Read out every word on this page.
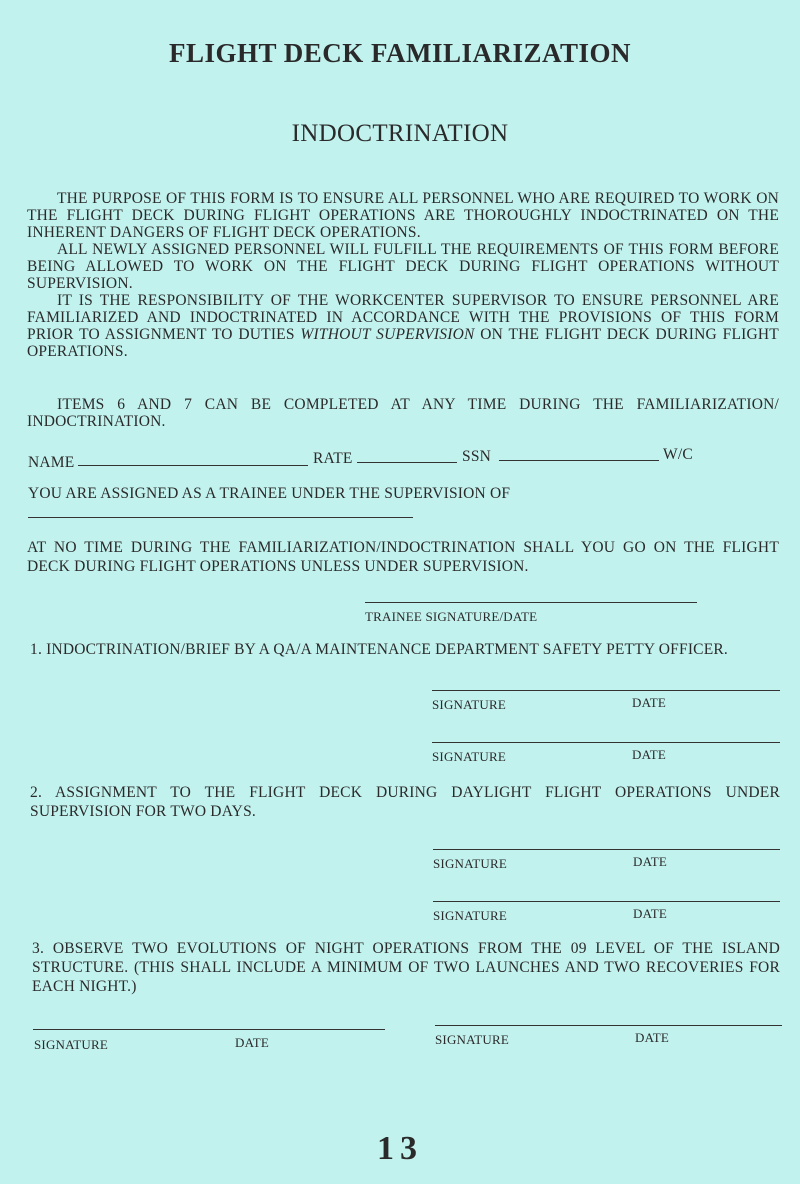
FLIGHT DECK FAMILIARIZATION
INDOCTRINATION

THE PURPOSE OF THIS FORM IS TO ENSURE ALL PERSONNEL WHO ARE REQUIRED TO WORK ON THE FLIGHT DECK DURING FLIGHT OPERATIONS ARE THOROUGHLY INDOCTRINATED ON THE INHERENT DANGERS OF FLIGHT DECK OPERATIONS.

ALL NEWLY ASSIGNED PERSONNEL WILL FULFILL THE REQUIREMENTS OF THIS FORM BEFORE BEING ALLOWED TO WORK ON THE FLIGHT DECK DURING FLIGHT OPERATIONS WITHOUT SUPERVISION.

IT IS THE RESPONSIBILITY OF THE WORKCENTER SUPERVISOR TO ENSURE PERSONNEL ARE FAMILIARIZED AND INDOCTRINATED IN ACCORDANCE WITH THE PROVISIONS OF THIS FORM PRIOR TO ASSIGNMENT TO DUTIES WITHOUT SUPERVISION ON THE FLIGHT DECK DURING FLIGHT OPERATIONS.

ITEMS 6 AND 7 CAN BE COMPLETED AT ANY TIME DURING THE FAMILIARIZATION/ INDOCTRINATION.

NAME	RATE	SSN	W/C
YOU ARE ASSIGNED AS A TRAINEE UNDER THE SUPERVISION OF

AT NO TIME DURING THE FAMILIARIZATION/INDOCTRINATION SHALL YOU GO ON THE FLIGHT DECK DURING FLIGHT OPERATIONS UNLESS UNDER SUPERVISION.

TRAINEE SIGNATURE/DATE
1. INDOCTRINATION/BRIEF BY A QA/A MAINTENANCE DEPARTMENT SAFETY PETTY OFFICER.
SIGNATURE	DATE
SIGNATURE	DATE

2. ASSIGNMENT TO THE FLIGHT DECK DURING DAYLIGHT FLIGHT OPERATIONS UNDER SUPERVISION FOR TWO DAYS.

SIGNATURE	DATE
SIGNATURE	DATE

3. OBSERVE TWO EVOLUTIONS OF NIGHT OPERATIONS FROM THE 09 LEVEL OF THE ISLAND STRUCTURE. (THIS SHALL INCLUDE A MINIMUM OF TWO LAUNCHES AND TWO RECOVERIES FOR EACH NIGHT.)

SIGNATURE	DATE	SIGNATURE	DATE
13
